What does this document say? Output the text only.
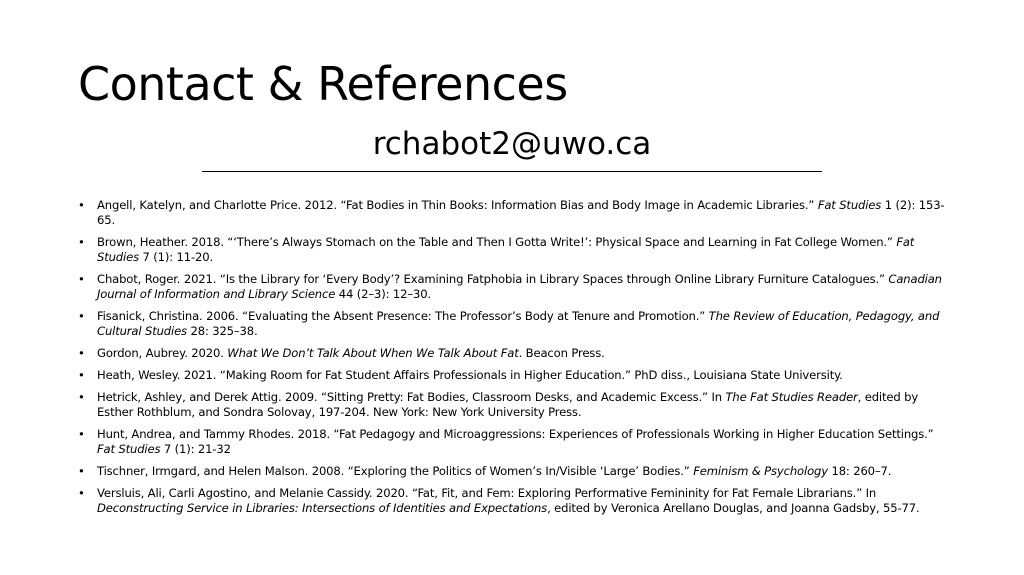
Contact & References
rchabot2@uwo.ca
•	Angell, Katelyn, and Charlotte Price. 2012. “Fat Bodies in Thin Books: Information Bias and Body Image in Academic Libraries.” Fat Studies 1 (2): 153-65.
•	Brown, Heather. 2018. “‘There’s Always Stomach on the Table and Then I Gotta Write!’: Physical Space and Learning in Fat College Women.” Fat Studies 7 (1): 11-20.
•	Chabot, Roger. 2021. “Is the Library for ‘Every Body’? Examining Fatphobia in Library Spaces through Online Library Furniture Catalogues.” Canadian Journal of Information and Library Science 44 (2–3): 12–30.
•	Fisanick, Christina. 2006. “Evaluating the Absent Presence: The Professor’s Body at Tenure and Promotion.” The Review of Education, Pedagogy, and Cultural Studies 28: 325–38.
•	Gordon, Aubrey. 2020. What We Don’t Talk About When We Talk About Fat. Beacon Press.
•	Heath, Wesley. 2021. “Making Room for Fat Student Affairs Professionals in Higher Education.” PhD diss., Louisiana State University.
•	Hetrick, Ashley, and Derek Attig. 2009. “Sitting Pretty: Fat Bodies, Classroom Desks, and Academic Excess.” In The Fat Studies Reader, edited by Esther Rothblum, and Sondra Solovay, 197-204. New York: New York University Press.
•	Hunt, Andrea, and Tammy Rhodes. 2018. “Fat Pedagogy and Microaggressions: Experiences of Professionals Working in Higher Education Settings.” Fat Studies 7 (1): 21-32
•	Tischner, Irmgard, and Helen Malson. 2008. “Exploring the Politics of Women’s In/Visible ‘Large’ Bodies.” Feminism & Psychology 18: 260–7.
•	Versluis, Ali, Carli Agostino, and Melanie Cassidy. 2020. “Fat, Fit, and Fem: Exploring Performative Femininity for Fat Female Librarians.” In Deconstructing Service in Libraries: Intersections of Identities and Expectations, edited by Veronica Arellano Douglas, and Joanna Gadsby, 55-77.
